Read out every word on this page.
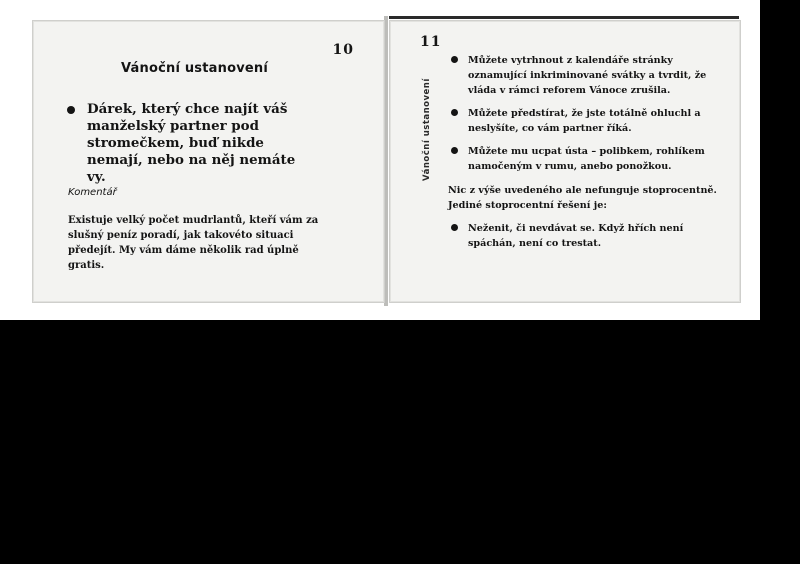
10
Vánoční ustanovení
Dárek, který chce najít váš manželský partner pod stromečkem, buď nikde nemají, nebo na něj nemáte vy.
Komentář
Existuje velký počet mudrlantů, kteří vám za slušný peníz poradí, jak takovéto situaci předejít. My vám dáme několik rad úplně gratis.
11
Vánoční ustanovení
Můžete vytrhnout z kalendáře stránky oznamující inkriminované svátky a tvrdit, že vláda v rámci reforem Vánoce zrušila.
Můžete předstírat, že jste totálně ohluchl a neslyšíte, co vám partner říká.
Můžete mu ucpat ústa – polibkem, rohlíkem namočeným v rumu, anebo ponožkou.
Nic z výše uvedeného ale nefunguje stoprocentně. Jediné stoprocentní řešení je:
Neženit, či nevdávat se. Když hřích není spáchán, není co trestat.
